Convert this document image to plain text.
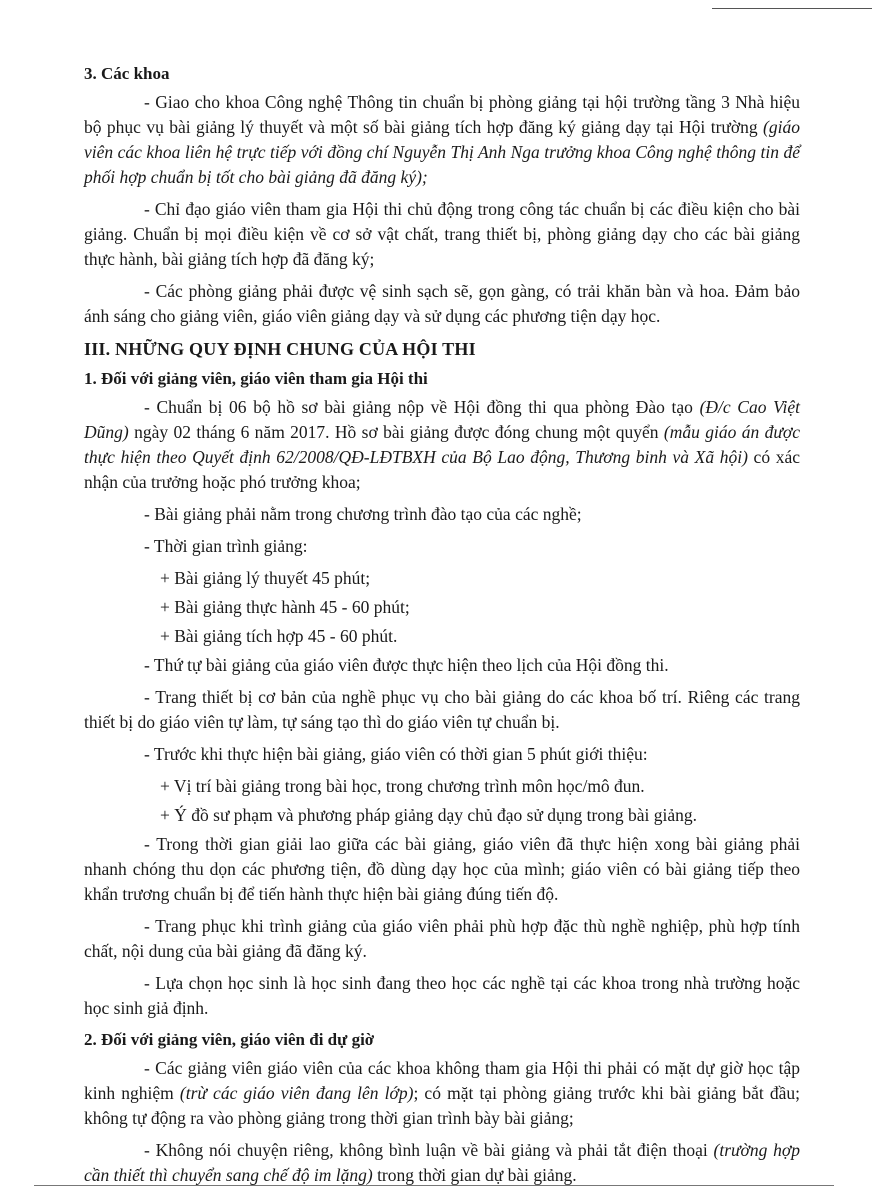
3. Các khoa

- Giao cho khoa Công nghệ Thông tin chuẩn bị phòng giảng tại hội trường tầng 3 Nhà hiệu bộ phục vụ bài giảng lý thuyết và một số bài giảng tích hợp đăng ký giảng dạy tại Hội trường (giáo viên các khoa liên hệ trực tiếp với đồng chí Nguyễn Thị Anh Nga trưởng khoa Công nghệ thông tin để phối hợp chuẩn bị tốt cho bài giảng đã đăng ký);

- Chỉ đạo giáo viên tham gia Hội thi chủ động trong công tác chuẩn bị các điều kiện cho bài giảng. Chuẩn bị mọi điều kiện về cơ sở vật chất, trang thiết bị, phòng giảng dạy cho các bài giảng thực hành, bài giảng tích hợp đã đăng ký;

- Các phòng giảng phải được vệ sinh sạch sẽ, gọn gàng, có trải khăn bàn và hoa. Đảm bảo ánh sáng cho giảng viên, giáo viên giảng dạy và sử dụng các phương tiện dạy học.

III. NHỮNG QUY ĐỊNH CHUNG CỦA HỘI THI
1. Đối với giảng viên, giáo viên tham gia Hội thi

- Chuẩn bị 06 bộ hồ sơ bài giảng nộp về Hội đồng thi qua phòng Đào tạo (Đ/c Cao Việt Dũng) ngày 02 tháng 6 năm 2017. Hồ sơ bài giảng được đóng chung một quyển (mẫu giáo án được thực hiện theo Quyết định 62/2008/QĐ-LĐTBXH của Bộ Lao động, Thương binh và Xã hội) có xác nhận của trưởng hoặc phó trưởng khoa;

- Bài giảng phải nằm trong chương trình đào tạo của các nghề;

- Thời gian trình giảng:

+ Bài giảng lý thuyết 45 phút;

+ Bài giảng thực hành 45 - 60 phút;

+ Bài giảng tích hợp 45 - 60 phút.

- Thứ tự bài giảng của giáo viên được thực hiện theo lịch của Hội đồng thi.

- Trang thiết bị cơ bản của nghề phục vụ cho bài giảng do các khoa bố trí. Riêng các trang thiết bị do giáo viên tự làm, tự sáng tạo thì do giáo viên tự chuẩn bị.

- Trước khi thực hiện bài giảng, giáo viên có thời gian 5 phút giới thiệu:

+ Vị trí bài giảng trong bài học, trong chương trình môn học/mô đun.

+ Ý đồ sư phạm và phương pháp giảng dạy chủ đạo sử dụng trong bài giảng.

- Trong thời gian giải lao giữa các bài giảng, giáo viên đã thực hiện xong bài giảng phải nhanh chóng thu dọn các phương tiện, đồ dùng dạy học của mình; giáo viên có bài giảng tiếp theo khẩn trương chuẩn bị để tiến hành thực hiện bài giảng đúng tiến độ.

- Trang phục khi trình giảng của giáo viên phải phù hợp đặc thù nghề nghiệp, phù hợp tính chất, nội dung của bài giảng đã đăng ký.

- Lựa chọn học sinh là học sinh đang theo học các nghề tại các khoa trong nhà trường hoặc học sinh giả định.

2. Đối với giảng viên, giáo viên đi dự giờ

- Các giảng viên giáo viên của các khoa không tham gia Hội thi phải có mặt dự giờ học tập kinh nghiệm (trừ các giáo viên đang lên lớp); có mặt tại phòng giảng trước khi bài giảng bắt đầu; không tự động ra vào phòng giảng trong thời gian trình bày bài giảng;

- Không nói chuyện riêng, không bình luận về bài giảng và phải tắt điện thoại (trường hợp cần thiết thì chuyển sang chế độ im lặng) trong thời gian dự bài giảng.
